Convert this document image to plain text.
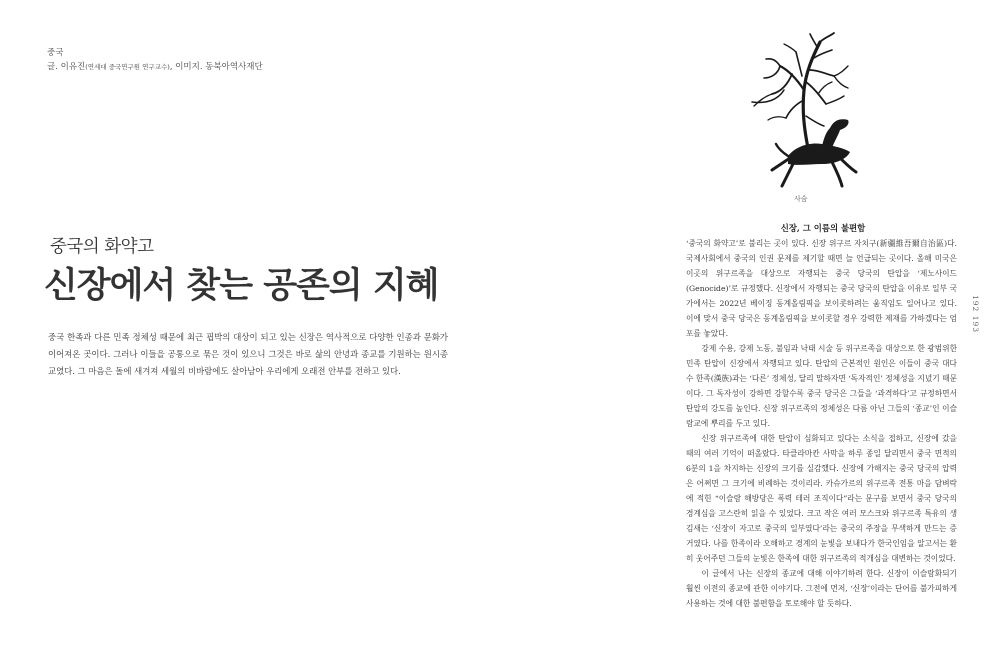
중국
글. 이유진(연세대 중국연구원 연구교수), 이미지. 동북아역사재단
중국의 화약고
신장에서 찾는 공존의 지혜

중국 한족과 다른 민족 정체성 때문에 최근 핍박의 대상이 되고 있는 신장은 역사적으로 다양한 인종과 문화가 이어져온 곳이다. 그러나 이들을 공통으로 묶은 것이 있으니 그것은 바로 삶의 안녕과 종교를 기원하는 원시종교였다. 그 마음은 돌에 새겨져 세월의 비바람에도 살아남아 우리에게 오래전 안부를 전하고 있다.

사슴
신장, 그 이름의 불편함

‘중국의 화약고’로 불리는 곳이 있다. 신장 위구르 자치구(新疆維吾爾自治區)다. 국제사회에서 중국의 인권 문제를 제기할 때면 늘 언급되는 곳이다. 올해 미국은 이곳의 위구르족을 대상으로 자행되는 중국 당국의 탄압을 ‘제노사이드(Genocide)’로 규정했다. 신장에서 자행되는 중국 당국의 탄압을 이유로 일부 국가에서는 2022년 베이징 동계올림픽을 보이콧하려는 움직임도 일어나고 있다. 이에 맞서 중국 당국은 동계올림픽을 보이콧할 경우 강력한 제재를 가하겠다는 엄포를 놓았다.

강제 수용, 강제 노동, 불임과 낙태 시술 등 위구르족을 대상으로 한 광범위한 민족 탄압이 신장에서 자행되고 있다. 탄압의 근본적인 원인은 이들이 중국 대다수 한족(漢族)과는 ‘다른’ 정체성, 달리 말하자면 ‘독자적인’ 정체성을 지녔기 때문이다. 그 독자성이 강하면 강할수록 중국 당국은 그들을 ‘과격하다’고 규정하면서 탄압의 강도를 높인다. 신장 위구르족의 정체성은 다름 아닌 그들의 ‘종교’인 이슬람교에 뿌리를 두고 있다.

신장 위구르족에 대한 탄압이 심화되고 있다는 소식을 접하고, 신장에 갔을 때의 여러 기억이 떠올랐다. 타클라마칸 사막을 하루 종일 달리면서 중국 면적의 6분의 1을 차지하는 신장의 크기를 실감했다. 신장에 가해지는 중국 당국의 압력은 어쩌면 그 크기에 비례하는 것이리라. 카슈가르의 위구르족 전통 마을 담벼락에 적힌 “이슬람 해방당은 폭력 테러 조직이다”라는 문구를 보면서 중국 당국의 경계심을 고스란히 읽을 수 있었다. 크고 작은 여러 모스크와 위구르족 특유의 생김새는 ‘신장이 자고로 중국의 일부였다’라는 중국의 주장을 무색하게 만드는 증거였다. 나를 한족이라 오해하고 경계의 눈빛을 보내다가 한국인임을 알고서는 환히 웃어주던 그들의 눈빛은 한족에 대한 위구르족의 적개심을 대변하는 것이었다.

이 글에서 나는 신장의 종교에 대해 이야기하려 한다. 신장이 이슬람화되기 훨씬 이전의 종교에 관한 이야기다. 그전에 먼저, ‘신장’이라는 단어를 불가피하게 사용하는 것에 대한 불편함을 토로해야 할 듯하다.

192 193
